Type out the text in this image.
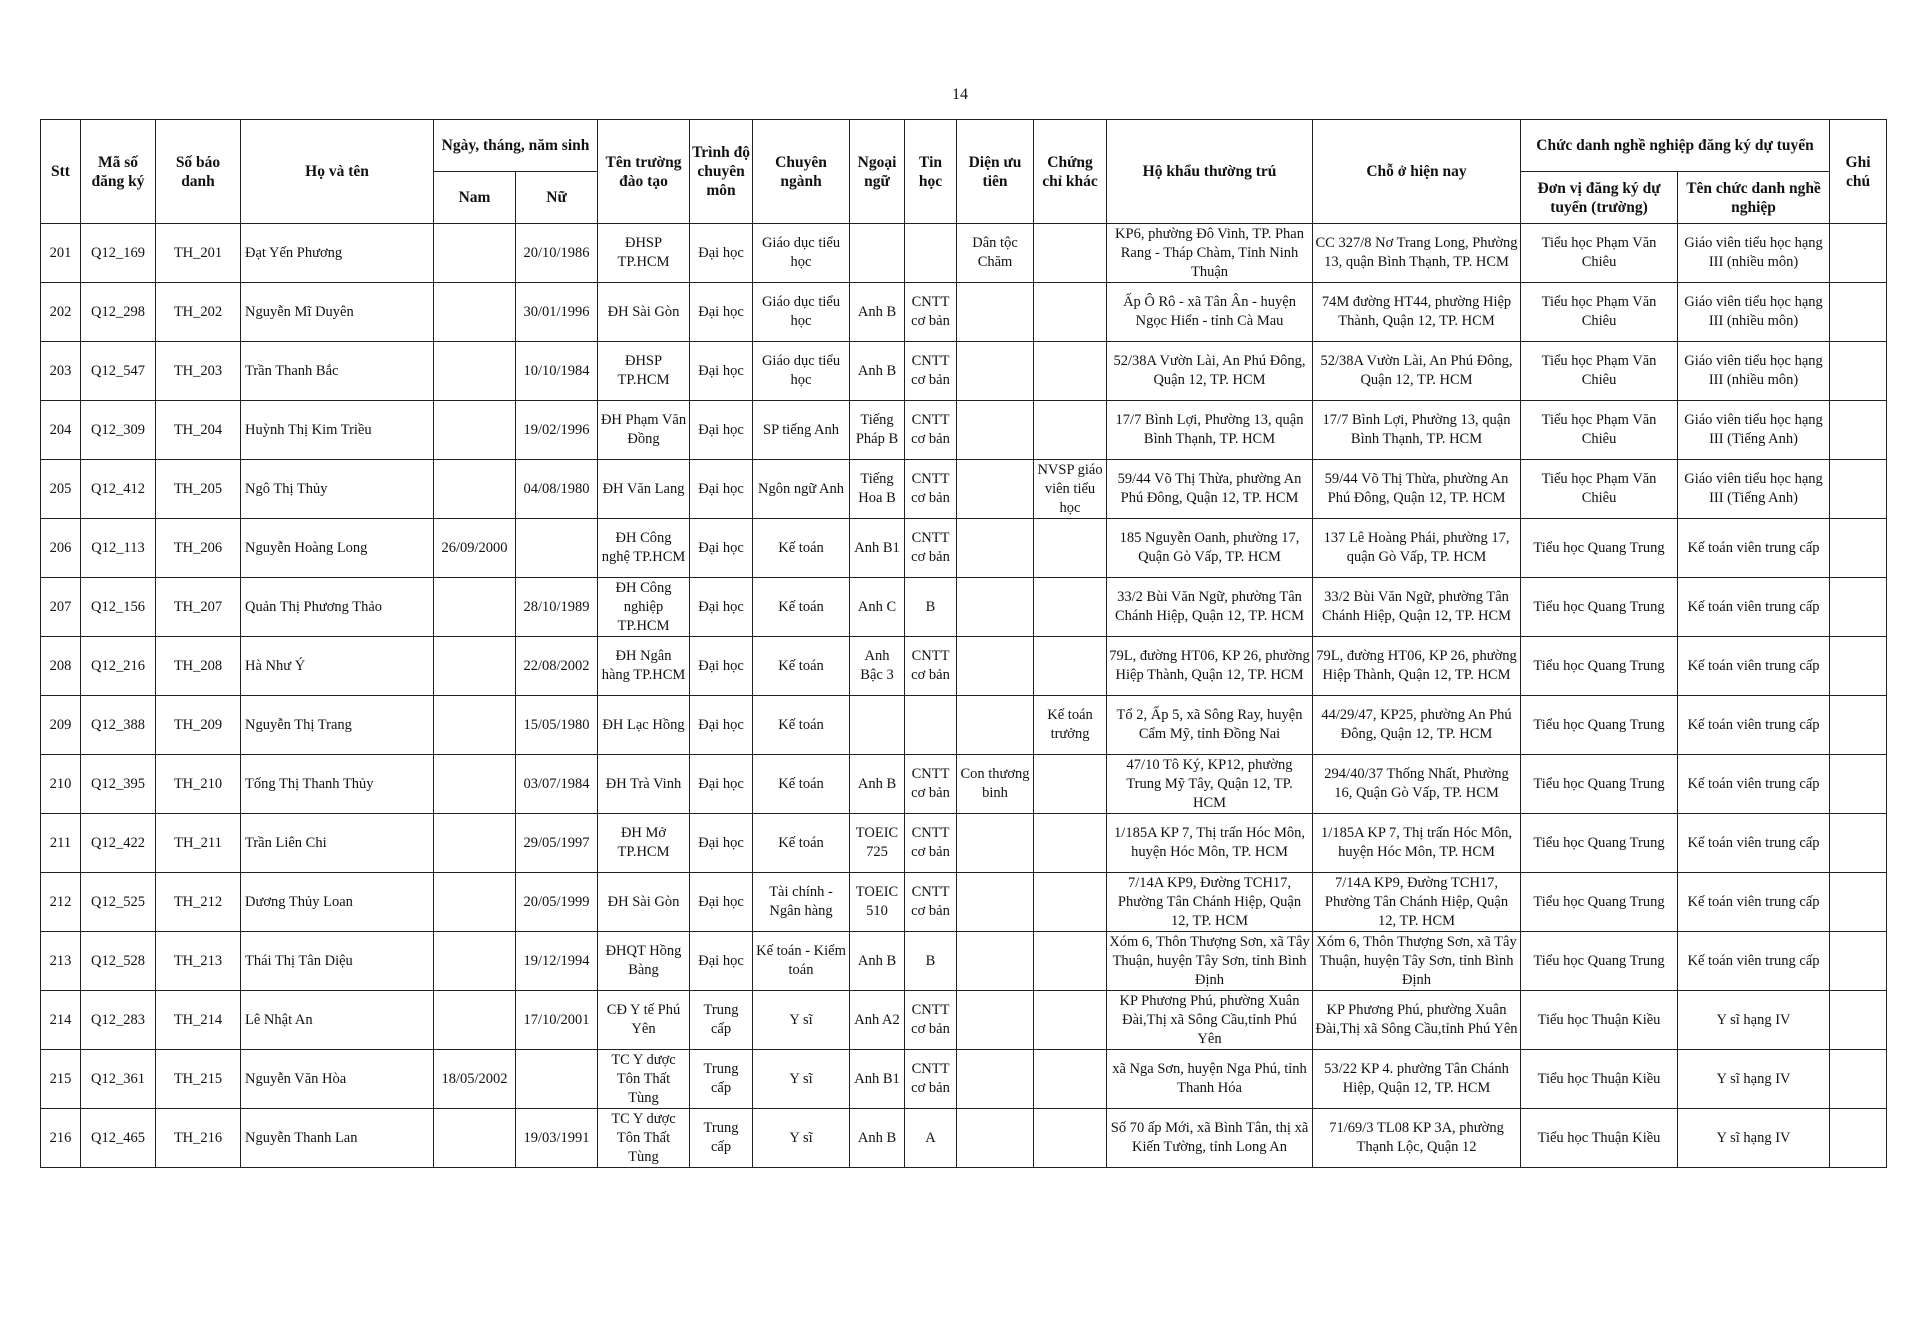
14
Stt	Mã số đăng ký	Số báo danh	Họ và tên	Ngày, tháng, năm sinh		Tên trường đào tạo	Trình độ chuyên môn	Chuyên ngành	Ngoại ngữ	Tin học	Diện ưu tiên	Chứng chỉ khác	Hộ khẩu thường trú	Chỗ ở hiện nay	Chức danh nghề nghiệp đăng ký dự tuyển		Ghi chú
				Nam	Nữ										Đơn vị đăng ký dự tuyển (trường)	Tên chức danh nghề nghiệp	
201	Q12_169	TH_201	Đạt Yến Phương		20/10/1986	ĐHSP TP.HCM	Đại học	Giáo dục tiểu học			Dân tộc Chăm		KP6, phường Đô Vinh, TP. Phan Rang - Tháp Chàm, Tỉnh Ninh Thuận	CC 327/8 Nơ Trang Long, Phường 13, quận Bình Thạnh, TP. HCM	Tiểu học Phạm Văn Chiêu	Giáo viên tiểu học hạng III (nhiều môn)	
202	Q12_298	TH_202	Nguyễn Mĩ Duyên		30/01/1996	ĐH Sài Gòn	Đại học	Giáo dục tiểu học	Anh B	CNTT cơ bản			Ấp Ô Rô - xã Tân Ân - huyện Ngọc Hiển - tỉnh Cà Mau	74M đường HT44, phường Hiệp Thành, Quận 12, TP. HCM	Tiểu học Phạm Văn Chiêu	Giáo viên tiểu học hạng III (nhiều môn)	
203	Q12_547	TH_203	Trần Thanh Bắc		10/10/1984	ĐHSP TP.HCM	Đại học	Giáo dục tiểu học	Anh B	CNTT cơ bản			52/38A Vườn Lài, An Phú Đông, Quận 12, TP. HCM	52/38A Vườn Lài, An Phú Đông, Quận 12, TP. HCM	Tiểu học Phạm Văn Chiêu	Giáo viên tiểu học hạng III (nhiều môn)	
204	Q12_309	TH_204	Huỳnh Thị Kim Triều		19/02/1996	ĐH Phạm Văn Đồng	Đại học	SP tiếng Anh	Tiếng Pháp B	CNTT cơ bản			17/7 Bình Lợi, Phường 13, quận Bình Thạnh, TP. HCM	17/7 Bình Lợi, Phường 13, quận Bình Thạnh, TP. HCM	Tiểu học Phạm Văn Chiêu	Giáo viên tiểu học hạng III (Tiếng Anh)	
205	Q12_412	TH_205	Ngô Thị Thủy		04/08/1980	ĐH Văn Lang	Đại học	Ngôn ngữ Anh	Tiếng Hoa B	CNTT cơ bản		NVSP giáo viên tiểu học	59/44 Võ Thị Thừa, phường An Phú Đông, Quận 12, TP. HCM	59/44 Võ Thị Thừa, phường An Phú Đông, Quận 12, TP. HCM	Tiểu học Phạm Văn Chiêu	Giáo viên tiểu học hạng III (Tiếng Anh)	
206	Q12_113	TH_206	Nguyễn Hoàng Long	26/09/2000		ĐH Công nghệ TP.HCM	Đại học	Kế toán	Anh B1	CNTT cơ bản			185 Nguyễn Oanh, phường 17, Quận Gò Vấp, TP. HCM	137 Lê Hoàng Phái, phường 17, quận Gò Vấp, TP. HCM	Tiểu học Quang Trung	Kế toán viên trung cấp	
207	Q12_156	TH_207	Quản Thị Phương Thảo		28/10/1989	ĐH Công nghiệp TP.HCM	Đại học	Kế toán	Anh C	B			33/2 Bùi Văn Ngữ, phường Tân Chánh Hiệp, Quận 12, TP. HCM	33/2 Bùi Văn Ngữ, phường Tân Chánh Hiệp, Quận 12, TP. HCM	Tiểu học Quang Trung	Kế toán viên trung cấp	
208	Q12_216	TH_208	Hà Như Ý		22/08/2002	ĐH Ngân hàng TP.HCM	Đại học	Kế toán	Anh Bậc 3	CNTT cơ bản			79L, đường HT06, KP 26, phường Hiệp Thành, Quận 12, TP. HCM	79L, đường HT06, KP 26, phường Hiệp Thành, Quận 12, TP. HCM	Tiểu học Quang Trung	Kế toán viên trung cấp	
209	Q12_388	TH_209	Nguyễn Thị Trang		15/05/1980	ĐH Lạc Hồng	Đại học	Kế toán				Kế toán trưởng	Tổ 2, Ấp 5, xã Sông Ray, huyện Cẩm Mỹ, tỉnh Đồng Nai	44/29/47, KP25, phường An Phú Đông, Quận 12, TP. HCM	Tiểu học Quang Trung	Kế toán viên trung cấp	
210	Q12_395	TH_210	Tống Thị Thanh Thủy		03/07/1984	ĐH Trà Vinh	Đại học	Kế toán	Anh B	CNTT cơ bản	Con thương binh		47/10 Tô Ký, KP12, phường Trung Mỹ Tây, Quận 12, TP. HCM	294/40/37 Thống Nhất, Phường 16, Quận Gò Vấp, TP. HCM	Tiểu học Quang Trung	Kế toán viên trung cấp	
211	Q12_422	TH_211	Trần Liên Chi		29/05/1997	ĐH Mở TP.HCM	Đại học	Kế toán	TOEIC 725	CNTT cơ bản			1/185A KP 7, Thị trấn Hóc Môn, huyện Hóc Môn, TP. HCM	1/185A KP 7, Thị trấn Hóc Môn, huyện Hóc Môn, TP. HCM	Tiểu học Quang Trung	Kế toán viên trung cấp	
212	Q12_525	TH_212	Dương Thủy Loan		20/05/1999	ĐH Sài Gòn	Đại học	Tài chính - Ngân hàng	TOEIC 510	CNTT cơ bản			7/14A KP9, Đường TCH17, Phường Tân Chánh Hiệp, Quận 12, TP. HCM	7/14A KP9, Đường TCH17, Phường Tân Chánh Hiệp, Quận 12, TP. HCM	Tiểu học Quang Trung	Kế toán viên trung cấp	
213	Q12_528	TH_213	Thái Thị Tân Diệu		19/12/1994	ĐHQT Hồng Bàng	Đại học	Kế toán - Kiểm toán	Anh B	B			Xóm 6, Thôn Thượng Sơn, xã Tây Thuận, huyện Tây Sơn, tỉnh Bình Định	Xóm 6, Thôn Thượng Sơn, xã Tây Thuận, huyện Tây Sơn, tỉnh Bình Định	Tiểu học Quang Trung	Kế toán viên trung cấp	
214	Q12_283	TH_214	Lê Nhật An		17/10/2001	CĐ Y tế Phú Yên	Trung cấp	Y sĩ	Anh A2	CNTT cơ bản			KP Phương Phú, phường Xuân Đài,Thị xã Sông Cầu,tỉnh Phú Yên	KP Phương Phú, phường Xuân Đài,Thị xã Sông Cầu,tỉnh Phú Yên	Tiểu học Thuận Kiều	Y sĩ hạng IV	
215	Q12_361	TH_215	Nguyễn Văn Hòa	18/05/2002		TC Y dược Tôn Thất Tùng	Trung cấp	Y sĩ	Anh B1	CNTT cơ bản			xã Nga Sơn, huyện Nga Phú, tỉnh Thanh Hóa	53/22 KP 4. phường Tân Chánh Hiệp, Quận 12, TP. HCM	Tiểu học Thuận Kiều	Y sĩ hạng IV	
216	Q12_465	TH_216	Nguyễn Thanh Lan		19/03/1991	TC Y dược Tôn Thất Tùng	Trung cấp	Y sĩ	Anh B	A			Số 70 ấp Mới, xã Bình Tân, thị xã Kiến Tường, tỉnh Long An	71/69/3 TL08 KP 3A, phường Thạnh Lộc, Quận 12	Tiểu học Thuận Kiều	Y sĩ hạng IV	
